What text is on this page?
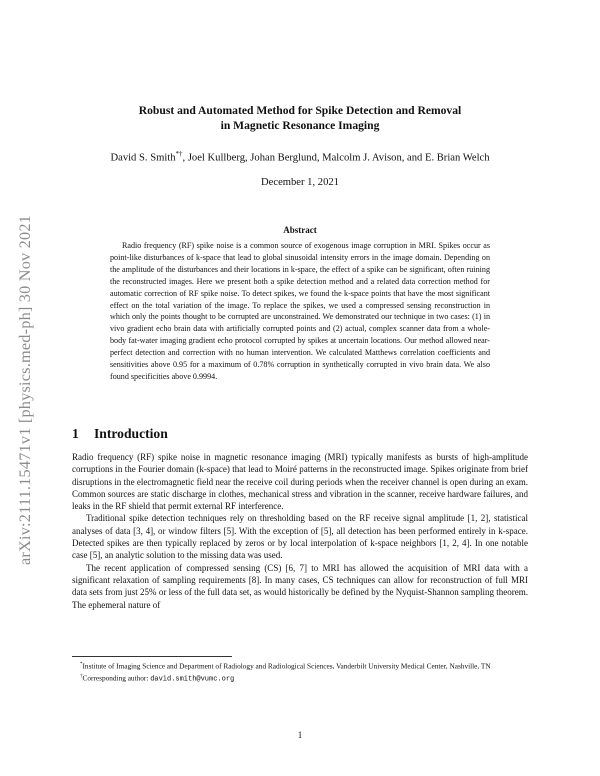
arXiv:2111.15471v1 [physics.med-ph] 30 Nov 2021
Robust and Automated Method for Spike Detection and Removal
in Magnetic Resonance Imaging
David S. Smith*†, Joel Kullberg, Johan Berglund, Malcolm J. Avison, and E. Brian Welch
December 1, 2021
Abstract

Radio frequency (RF) spike noise is a common source of exogenous image corruption in MRI. Spikes occur as point-like disturbances of k-space that lead to global sinusoidal intensity errors in the image domain. Depending on the amplitude of the disturbances and their locations in k-space, the effect of a spike can be significant, often ruining the reconstructed images. Here we present both a spike detection method and a related data correction method for automatic correction of RF spike noise. To detect spikes, we found the k-space points that have the most significant effect on the total variation of the image. To replace the spikes, we used a compressed sensing reconstruction in which only the points thought to be corrupted are unconstrained. We demonstrated our technique in two cases: (1) in vivo gradient echo brain data with artificially corrupted points and (2) actual, complex scanner data from a whole-body fat-water imaging gradient echo protocol corrupted by spikes at uncertain locations. Our method allowed near-perfect detection and correction with no human intervention. We calculated Matthews correlation coefficients and sensitivities above 0.95 for a maximum of 0.78% corruption in synthetically corrupted in vivo brain data. We also found specificities above 0.9994.

1 Introduction

Radio frequency (RF) spike noise in magnetic resonance imaging (MRI) typically manifests as bursts of high-amplitude corruptions in the Fourier domain (k-space) that lead to Moiré patterns in the reconstructed image. Spikes originate from brief disruptions in the electromagnetic field near the receive coil during periods when the receiver channel is open during an exam. Common sources are static discharge in clothes, mechanical stress and vibration in the scanner, receive hardware failures, and leaks in the RF shield that permit external RF interference.

Traditional spike detection techniques rely on thresholding based on the RF receive signal amplitude [1, 2], statistical analyses of data [3, 4], or window filters [5]. With the exception of [5], all detection has been performed entirely in k-space. Detected spikes are then typically replaced by zeros or by local interpolation of k-space neighbors [1, 2, 4]. In one notable case [5], an analytic solution to the missing data was used.

The recent application of compressed sensing (CS) [6, 7] to MRI has allowed the acquisition of MRI data with a significant relaxation of sampling requirements [8]. In many cases, CS techniques can allow for reconstruction of full MRI data sets from just 25% or less of the full data set, as would historically be defined by the Nyquist-Shannon sampling theorem. The ephemeral nature of

*Institute of Imaging Science and Department of Radiology and Radiological Sciences, Vanderbilt University Medical Center, Nashville, TN

†Corresponding author: david.smith@vumc.org

1
